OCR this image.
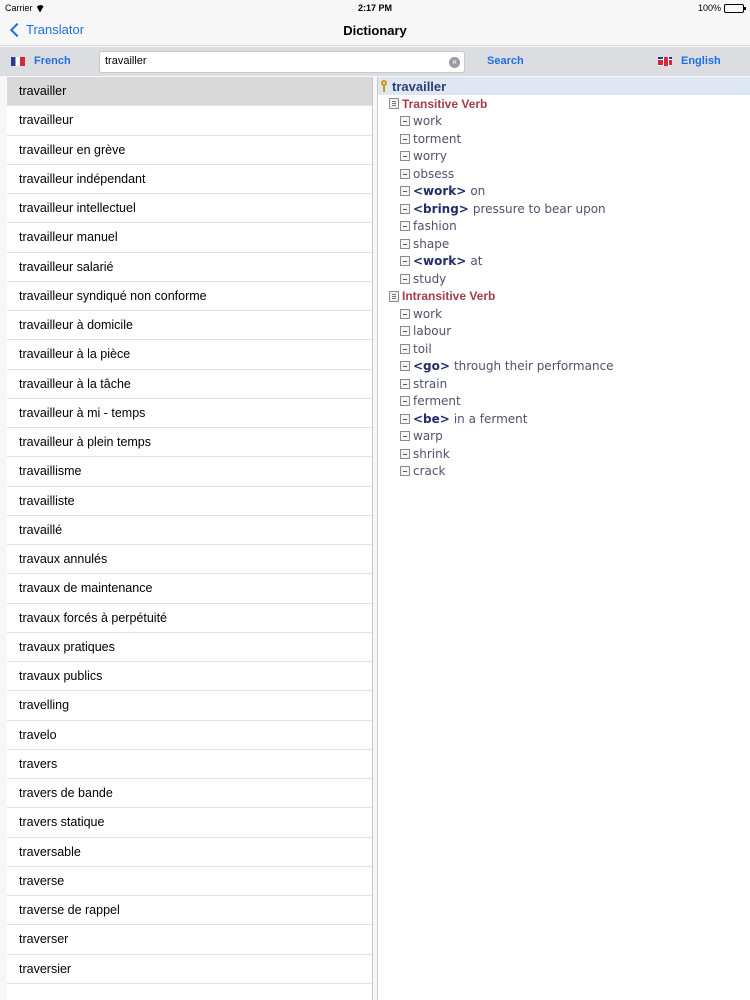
Carrier	2:17 PM	100%
Translator	Dictionary
French	travailler	×	Search	English
travailler
travailleur
travailleur en grève
travailleur indépendant
travailleur intellectuel
travailleur manuel
travailleur salarié
travailleur syndiqué non conforme
travailleur à domicile
travailleur à la pièce
travailleur à la tâche
travailleur à mi - temps
travailleur à plein temps
travaillisme
travailliste
travaillé
travaux annulés
travaux de maintenance
travaux forcés à perpétuité
travaux pratiques
travaux publics
travelling
travelo
travers
travers de bande
travers statique
traversable
traverse
traverse de rappel
traverser
traversier
travailler
Transitive Verb
work
torment
worry
obsess
<work> on
<bring> pressure to bear upon
fashion
shape
<work> at
study
Intransitive Verb
work
labour
toil
<go> through their performance
strain
ferment
<be> in a ferment
warp
shrink
crack
